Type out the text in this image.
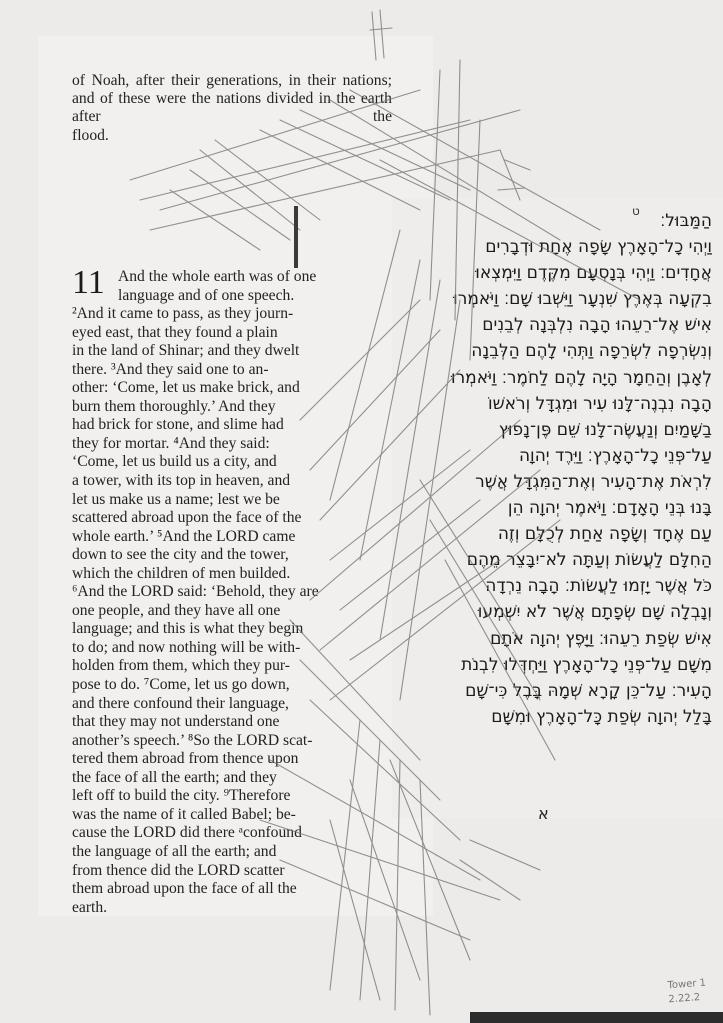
of Noah, after their generations, in their nations; and of these were the nations divided in the earth after the
flood.

11 And the whole earth was of one
language and of one speech.
²And it came to pass, as they journ-
eyed east, that they found a plain
in the land of Shinar; and they dwelt
there. ³And they said one to an-
other: ‘Come, let us make brick, and
burn them thoroughly.’ And they
had brick for stone, and slime had
they for mortar. ⁴And they said:
‘Come, let us build us a city, and
a tower, with its top in heaven, and
let us make us a name; lest we be
scattered abroad upon the face of the
whole earth.’ ⁵And the LORD came
down to see the city and the tower,
which the children of men builded.
⁶And the LORD said: ‘Behold, they are
one people, and they have all one
language; and this is what they begin
to do; and now nothing will be with-
holden from them, which they pur-
pose to do. ⁷Come, let us go down,
and there confound their language,
that they may not understand one
another’s speech.’ ⁸So the LORD scat-
tered them abroad from thence upon
the face of all the earth; and they
left off to build the city. ⁹Therefore
was the name of it called Babel; be-
cause the LORD did there ᵃconfound
the language of all the earth; and
from thence did the LORD scatter
them abroad upon the face of all the
earth.
ט	הַמַּבּוּל׃
וַיְהִי כָל־הָאָרֶץ שָׂפָה אֶחָת וּדְבָרִים
אֲחָדִים׃ וַיְהִי בְּנָסְעָם מִקֶּדֶם וַיִּמְצְאוּ
בִקְעָה בְּאֶרֶץ שִׁנְעָר וַיֵּשְׁבוּ שָׁם׃ וַיֹּאמְרוּ
אִישׁ אֶל־רֵעֵהוּ הָבָה נִלְבְּנָה לְבֵנִים
וְנִשְׂרְפָה לִשְׂרֵפָה וַתְּהִי לָהֶם הַלְּבֵנָה
לְאָבֶן וְהַחֵמָר הָיָה לָהֶם לַחֹמֶר׃ וַיֹּאמְרוּ
הָבָה נִבְנֶה־לָּנוּ עִיר וּמִגְדָּל וְרֹאשׁוֹ
בַשָּׁמַיִם וְנַעֲשֶׂה־לָּנוּ שֵׁם פֶּן־נָפוּץ
עַל־פְּנֵי כָל־הָאָרֶץ׃ וַיֵּרֶד יְהוָה
לִרְאֹת אֶת־הָעִיר וְאֶת־הַמִּגְדָּל אֲשֶׁר
בָּנוּ בְּנֵי הָאָדָם׃ וַיֹּאמֶר יְהוָה הֵן
עַם אֶחָד וְשָׂפָה אַחַת לְכֻלָּם וְזֶה
הַחִלָּם לַעֲשׂוֹת וְעַתָּה לֹא־יִבָּצֵר מֵהֶם
כֹּל אֲשֶׁר יָזְמוּ לַעֲשׂוֹת׃ הָבָה נֵרְדָה
וְנָבְלָה שָׁם שְׂפָתָם אֲשֶׁר לֹא יִשְׁמְעוּ
אִישׁ שְׂפַת רֵעֵהוּ׃ וַיָּפֶץ יְהוָה אֹתָם
מִשָּׁם עַל־פְּנֵי כָל־הָאָרֶץ וַיַּחְדְּלוּ לִבְנֹת
הָעִיר׃ עַל־כֵּן קָרָא שְׁמָהּ בָּבֶל כִּי־שָׁם
בָּלַל יְהוָה שְׂפַת כָּל־הָאָרֶץ וּמִשָּׁם
א
Tower 1
2.22.2
